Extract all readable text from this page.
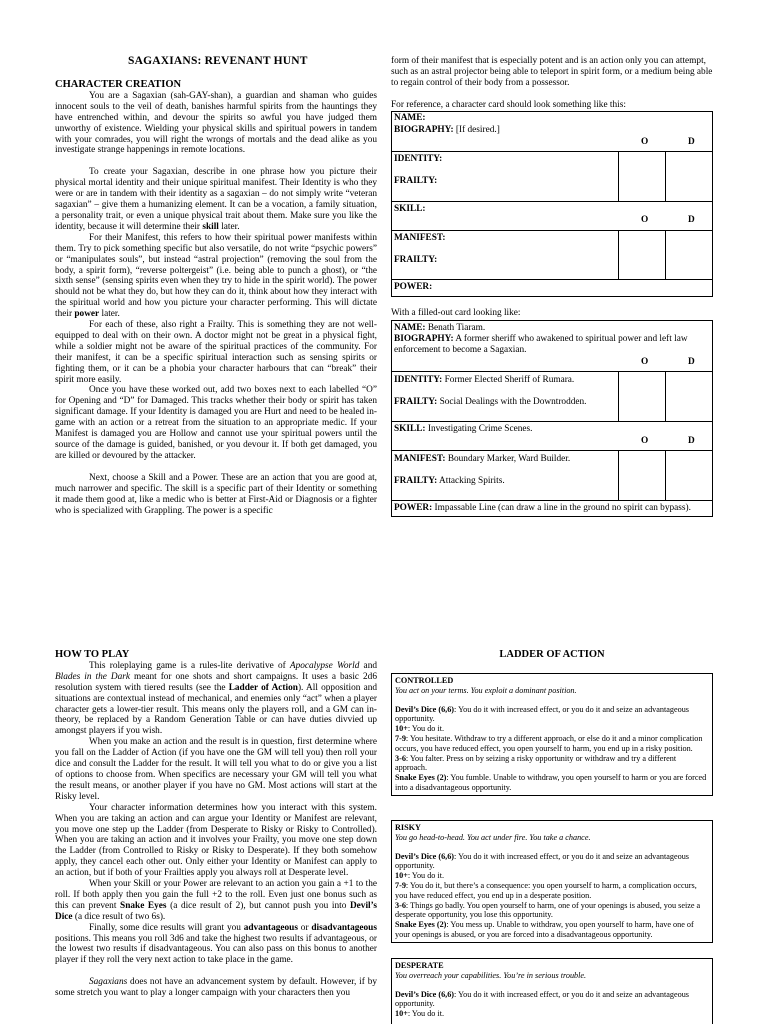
SAGAXIANS: REVENANT HUNT
CHARACTER CREATION

You are a Sagaxian (sah-GAY-shan), a guardian and shaman who guides innocent souls to the veil of death, banishes harmful spirits from the hauntings they have entrenched within, and devour the spirits so awful you have judged them unworthy of existence. Wielding your physical skills and spiritual powers in tandem with your comrades, you will right the wrongs of mortals and the dead alike as you investigate strange happenings in remote locations.

To create your Sagaxian, describe in one phrase how you picture their physical mortal identity and their unique spiritual manifest. Their Identity is who they were or are in tandem with their identity as a sagaxian – do not simply write “veteran sagaxian” – give them a humanizing element. It can be a vocation, a family situation, a personality trait, or even a unique physical trait about them. Make sure you like the identity, because it will determine their skill later.

For their Manifest, this refers to how their spiritual power manifests within them. Try to pick something specific but also versatile, do not write “psychic powers” or “manipulates souls”, but instead “astral projection” (removing the soul from the body, a spirit form), “reverse poltergeist” (i.e. being able to punch a ghost), or “the sixth sense” (sensing spirits even when they try to hide in the spirit world). The power should not be what they do, but how they can do it, think about how they interact with the spiritual world and how you picture your character performing. This will dictate their power later.

For each of these, also right a Frailty. This is something they are not well-equipped to deal with on their own. A doctor might not be great in a physical fight, while a soldier might not be aware of the spiritual practices of the community. For their manifest, it can be a specific spiritual interaction such as sensing spirits or fighting them, or it can be a phobia your character harbours that can “break” their spirit more easily.

Once you have these worked out, add two boxes next to each labelled “O” for Opening and “D” for Damaged. This tracks whether their body or spirit has taken significant damage. If your Identity is damaged you are Hurt and need to be healed in-game with an action or a retreat from the situation to an appropriate medic. If your Manifest is damaged you are Hollow and cannot use your spiritual powers until the source of the damage is guided, banished, or you devour it. If both get damaged, you are killed or devoured by the attacker.

Next, choose a Skill and a Power. These are an action that you are good at, much narrower and specific. The skill is a specific part of their Identity or something it made them good at, like a medic who is better at First-Aid or Diagnosis or a fighter who is specialized with Grappling. The power is a specific

form of their manifest that is especially potent and is an action only you can attempt, such as an astral projector being able to teleport in spirit form, or a medium being able to regain control of their body from a possessor.

For reference, a character card should look something like this:

NAME:
BIOGRAPHY: [If desired.]
O	D
IDENTITY:
FRAILTY:
SKILL:
O	D
MANIFEST:
FRAILTY:
POWER:
With a filled-out card looking like:
NAME: Benath Tiaram.
BIOGRAPHY: A former sheriff who awakened to spiritual power and left law enforcement to become a Sagaxian.
O	D
IDENTITY: Former Elected Sheriff of Rumara.
FRAILTY: Social Dealings with the Downtrodden.
SKILL: Investigating Crime Scenes.
O	D
MANIFEST: Boundary Marker, Ward Builder.
FRAILTY: Attacking Spirits.
POWER: Impassable Line (can draw a line in the ground no spirit can bypass).
HOW TO PLAY

This roleplaying game is a rules-lite derivative of Apocalypse World and Blades in the Dark meant for one shots and short campaigns. It uses a basic 2d6 resolution system with tiered results (see the Ladder of Action). All opposition and situations are contextual instead of mechanical, and enemies only “act” when a player character gets a lower-tier result. This means only the players roll, and a GM can in-theory, be replaced by a Random Generation Table or can have duties divvied up amongst players if you wish.

When you make an action and the result is in question, first determine where you fall on the Ladder of Action (if you have one the GM will tell you) then roll your dice and consult the Ladder for the result. It will tell you what to do or give you a list of options to choose from. When specifics are necessary your GM will tell you what the result means, or another player if you have no GM. Most actions will start at the Risky level.

Your character information determines how you interact with this system. When you are taking an action and can argue your Identity or Manifest are relevant, you move one step up the Ladder (from Desperate to Risky or Risky to Controlled). When you are taking an action and it involves your Frailty, you move one step down the Ladder (from Controlled to Risky or Risky to Desperate). If they both somehow apply, they cancel each other out. Only either your Identity or Manifest can apply to an action, but if both of your Frailties apply you always roll at Desperate level.

When your Skill or your Power are relevant to an action you gain a +1 to the roll. If both apply then you gain the full +2 to the roll. Even just one bonus such as this can prevent Snake Eyes (a dice result of 2), but cannot push you into Devil’s Dice (a dice result of two 6s).

Finally, some dice results will grant you advantageous or disadvantageous positions. This means you roll 3d6 and take the highest two results if advantageous, or the lowest two results if disadvantageous. You can also pass on this bonus to another player if they roll the very next action to take place in the game.

Sagaxians does not have an advancement system by default. However, if by some stretch you want to play a longer campaign with your characters then you

LADDER OF ACTION
CONTROLLED
You act on your terms. You exploit a dominant position.
Devil’s Dice (6,6): You do it with increased effect, or you do it and seize an advantageous opportunity.
10+: You do it.
7-9: You hesitate. Withdraw to try a different approach, or else do it and a minor complication occurs, you have reduced effect, you open yourself to harm, you end up in a risky position.
3-6: You falter. Press on by seizing a risky opportunity or withdraw and try a different approach.
Snake Eyes (2): You fumble. Unable to withdraw, you open yourself to harm or you are forced into a disadvantageous opportunity.
RISKY
You go head-to-head. You act under fire. You take a chance.
Devil’s Dice (6,6): You do it with increased effect, or you do it and seize an advantageous opportunity.
10+: You do it.
7-9: You do it, but there’s a consequence: you open yourself to harm, a complication occurs, you have reduced effect, you end up in a desperate position.
3-6: Things go badly. You open yourself to harm, one of your openings is abused, you seize a desperate opportunity, you lose this opportunity.
Snake Eyes (2): You mess up. Unable to withdraw, you open yourself to harm, have one of your openings is abused, or you are forced into a disadvantageous opportunity.
DESPERATE
You overreach your capabilities. You’re in serious trouble.
Devil’s Dice (6,6): You do it with increased effect, or you do it and seize an advantageous opportunity.
10+: You do it.
